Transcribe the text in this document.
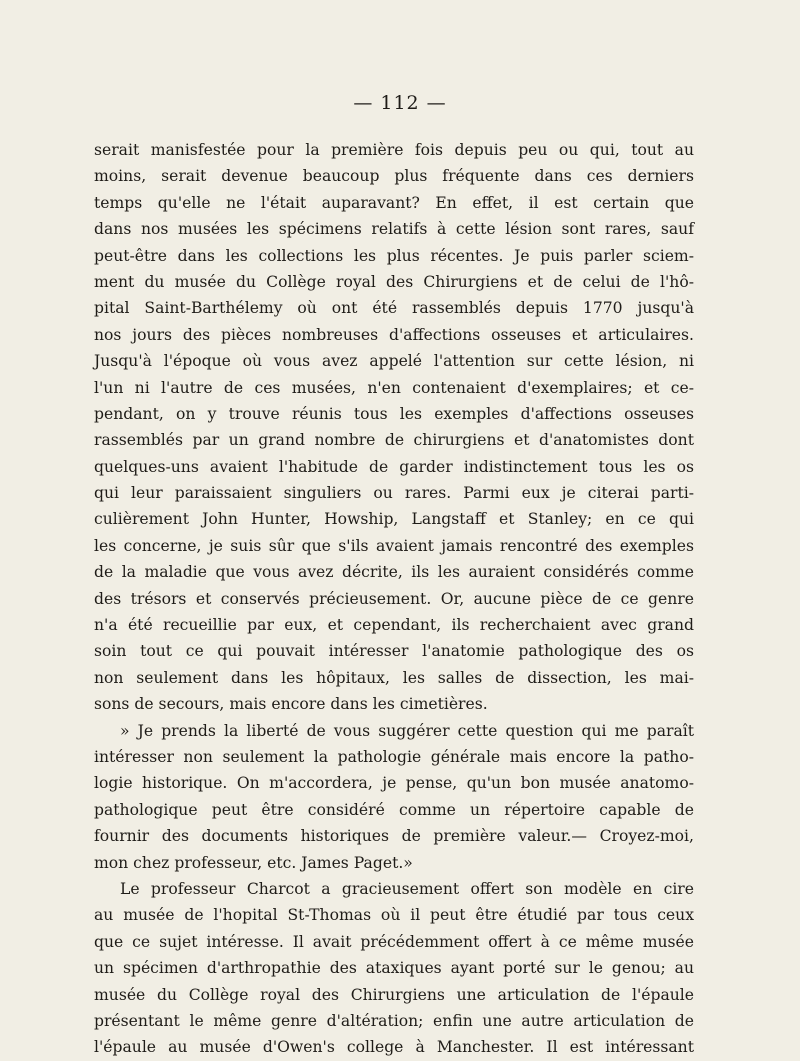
— 112 —
serait manisfestée pour la première fois depuis peu ou qui, tout au
moins, serait devenue beaucoup plus fréquente dans ces derniers
temps qu'elle ne l'était auparavant? En effet, il est certain que
dans nos musées les spécimens relatifs à cette lésion sont rares, sauf
peut-être dans les collections les plus récentes. Je puis parler sciem-
ment du musée du Collège royal des Chirurgiens et de celui de l'hô-
pital Saint-Barthélemy où ont été rassemblés depuis 1770 jusqu'à
nos jours des pièces nombreuses d'affections osseuses et articulaires.
Jusqu'à l'époque où vous avez appelé l'attention sur cette lésion, ni
l'un ni l'autre de ces musées, n'en contenaient d'exemplaires; et ce-
pendant, on y trouve réunis tous les exemples d'affections osseuses
rassemblés par un grand nombre de chirurgiens et d'anatomistes dont
quelques-uns avaient l'habitude de garder indistinctement tous les os
qui leur paraissaient singuliers ou rares. Parmi eux je citerai parti-
culièrement John Hunter, Howship, Langstaff et Stanley; en ce qui
les concerne, je suis sûr que s'ils avaient jamais rencontré des exemples
de la maladie que vous avez décrite, ils les auraient considérés comme
des trésors et conservés précieusement. Or, aucune pièce de ce genre
n'a été recueillie par eux, et cependant, ils recherchaient avec grand
soin tout ce qui pouvait intéresser l'anatomie pathologique des os
non seulement dans les hôpitaux, les salles de dissection, les mai-
sons de secours, mais encore dans les cimetières.
» Je prends la liberté de vous suggérer cette question qui me paraît
intéresser non seulement la pathologie générale mais encore la patho-
logie historique. On m'accordera, je pense, qu'un bon musée anatomo-
pathologique peut être considéré comme un répertoire capable de
fournir des documents historiques de première valeur.— Croyez-moi,
mon chez professeur, etc. James Paget.»
Le professeur Charcot a gracieusement offert son modèle en cire
au musée de l'hopital St-Thomas où il peut être étudié par tous ceux
que ce sujet intéresse. Il avait précédemment offert à ce même musée
un spécimen d'arthropathie des ataxiques ayant porté sur le genou; au
musée du Collège royal des Chirurgiens une articulation de l'épaule
présentant le même genre d'altération; enfin une autre articulation de
l'épaule au musée d'Owen's college à Manchester. Il est intéressant
